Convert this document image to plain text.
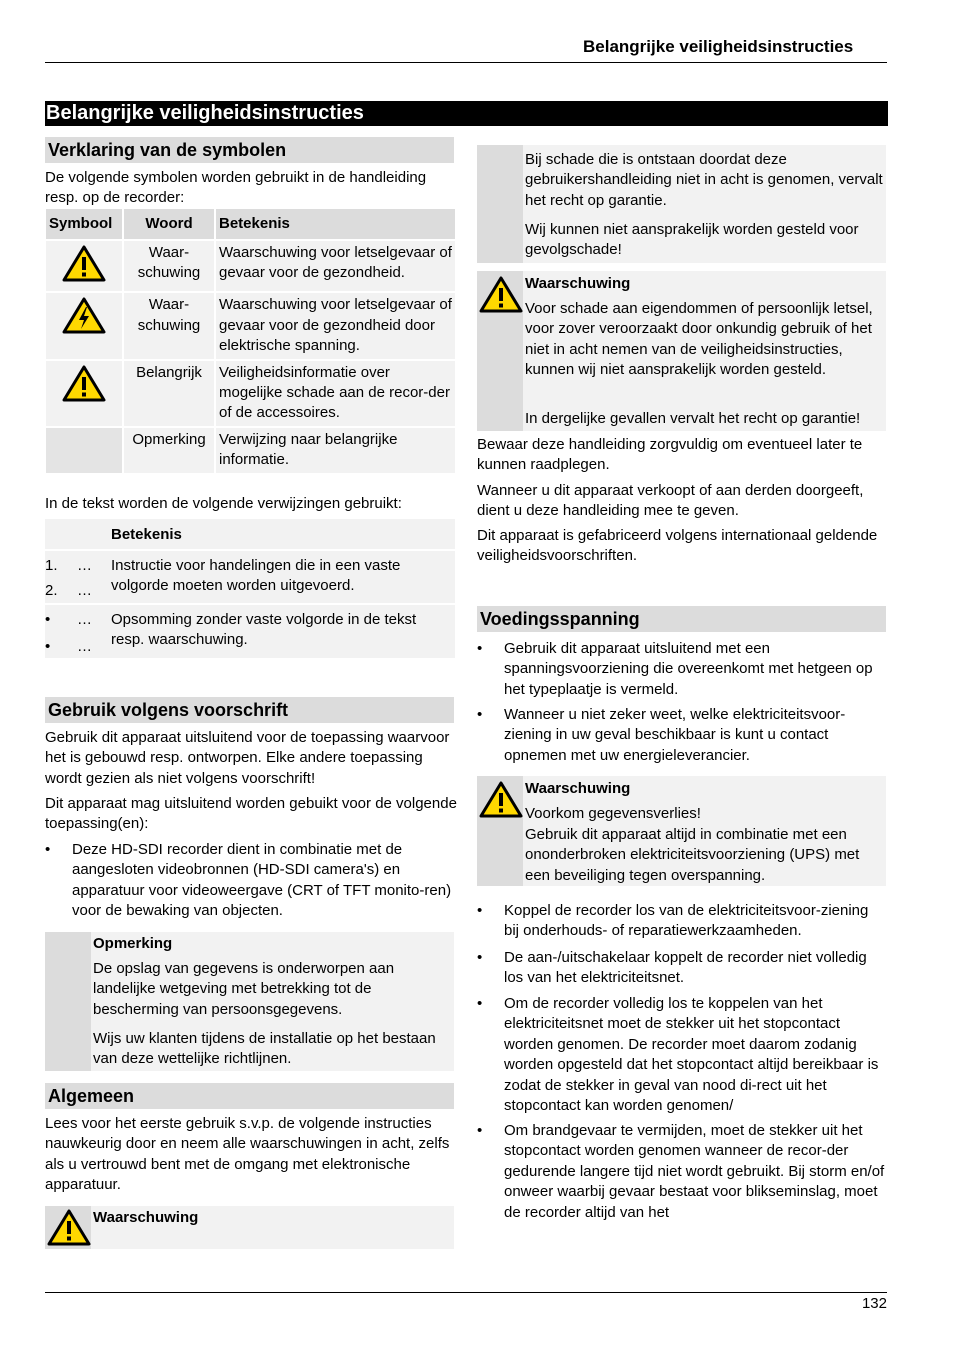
Belangrijke veiligheidsinstructies
Belangrijke veiligheidsinstructies
Verklaring van de symbolen

De volgende symbolen worden gebruikt in de handleiding resp. op de recorder:

Symbool	Woord	Betekenis

	Waar-schuwing	Waarschuwing voor letselgevaar of gevaar voor de gezondheid.

	Waar-schuwing	Waarschuwing voor letselgevaar of gevaar voor de gezondheid door elektrische spanning.

	Belangrijk	Veiligheidsinformatie over mogelijke schade aan de recor-der of de accessoires.
	Opmerking	Verwijzing naar belangrijke informatie.

In de tekst worden de volgende verwijzingen gebruikt:

Betekenis
1. …
2. …
Instructie voor handelingen die in een vaste volgorde moeten worden uitgevoerd.
• …
• …
Opsomming zonder vaste volgorde in de tekst resp. waarschuwing.
Gebruik volgens voorschrift

Gebruik dit apparaat uitsluitend voor de toepassing waarvoor het is gebouwd resp. ontworpen. Elke andere toepassing wordt gezien als niet volgens voorschrift!

Dit apparaat mag uitsluitend worden gebuikt voor de volgende toepassing(en):

• Deze HD-SDI recorder dient in combinatie met de aangesloten videobronnen (HD-SDI camera's) en apparatuur voor videoweergave (CRT of TFT monito-ren) voor de bewaking van objecten.
Opmerking
De opslag van gegevens is onderworpen aan landelijke wetgeving met betrekking tot de bescherming van persoonsgegevens.
Wijs uw klanten tijdens de installatie op het bestaan van deze wettelijke richtlijnen.
Algemeen

Lees voor het eerste gebruik s.v.p. de volgende instructies nauwkeurig door en neem alle waarschuwingen in acht, zelfs als u vertrouwd bent met de omgang met elektronische apparatuur.

Waarschuwing
Bij schade die is ontstaan doordat deze gebruikershandleiding niet in acht is genomen, vervalt het recht op garantie.
Wij kunnen niet aansprakelijk worden gesteld voor gevolgschade!
Waarschuwing
Voor schade aan eigendommen of persoonlijk letsel, voor zover veroorzaakt door onkundig gebruik of het niet in acht nemen van de veiligheidsinstructies, kunnen wij niet aansprakelijk worden gesteld.
In dergelijke gevallen vervalt het recht op garantie!

Bewaar deze handleiding zorgvuldig om eventueel later te kunnen raadplegen.

Wanneer u dit apparaat verkoopt of aan derden doorgeeft, dient u deze handleiding mee te geven.

Dit apparaat is gefabriceerd volgens internationaal geldende veiligheidsvoorschriften.

Voedingsspanning
• Gebruik dit apparaat uitsluitend met een spanningsvoorziening die overeenkomt met hetgeen op het typeplaatje is vermeld.
• Wanneer u niet zeker weet, welke elektriciteitsvoor-ziening in uw geval beschikbaar is kunt u contact opnemen met uw energieleverancier.
Waarschuwing
Voorkom gegevensverlies!
Gebruik dit apparaat altijd in combinatie met een ononderbroken elektriciteitsvoorziening (UPS) met een beveiliging tegen overspanning.
• Koppel de recorder los van de elektriciteitsvoor-ziening bij onderhouds- of reparatiewerkzaamheden.
• De aan-/uitschakelaar koppelt de recorder niet volledig los van het elektriciteitsnet.
• Om de recorder volledig los te koppelen van het elektriciteitsnet moet de stekker uit het stopcontact worden genomen. De recorder moet daarom zodanig worden opgesteld dat het stopcontact altijd bereikbaar is zodat de stekker in geval van nood di-rect uit het stopcontact kan worden genomen/
• Om brandgevaar te vermijden, moet de stekker uit het stopcontact worden genomen wanneer de recor-der gedurende langere tijd niet wordt gebruikt. Bij storm en/of onweer waarbij gevaar bestaat voor blikseminslag, moet de recorder altijd van het
132
